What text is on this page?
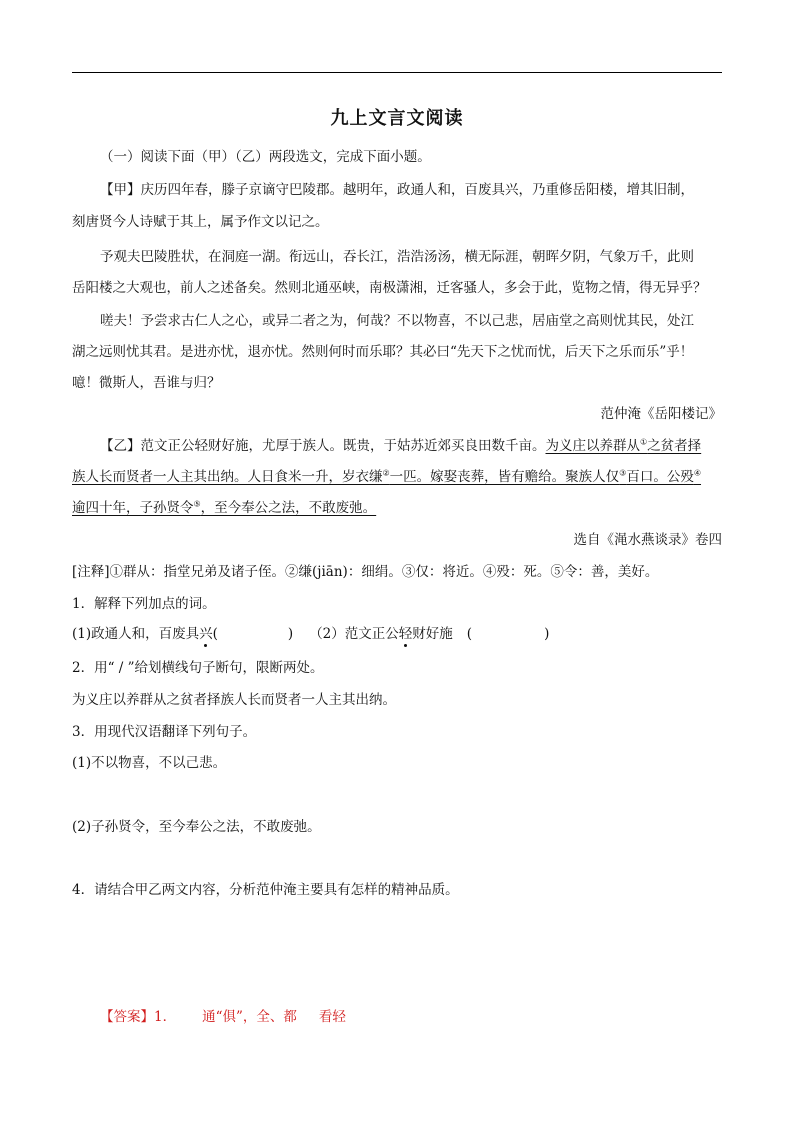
九上文言文阅读
（一）阅读下面（甲）（乙）两段选文，完成下面小题。
【甲】庆历四年春，滕子京谪守巴陵郡。越明年，政通人和，百废具兴，乃重修岳阳楼，增其旧制，
刻唐贤今人诗赋于其上，属予作文以记之。
予观夫巴陵胜状，在洞庭一湖。衔远山，吞长江，浩浩汤汤，横无际涯，朝晖夕阴，气象万千，此则
岳阳楼之大观也，前人之述备矣。然则北通巫峡，南极潇湘，迁客骚人，多会于此，览物之情，得无异乎？
嗟夫！予尝求古仁人之心，或异二者之为，何哉？不以物喜，不以己悲，居庙堂之高则忧其民，处江
湖之远则忧其君。是进亦忧，退亦忧。然则何时而乐耶？其必曰“先天下之忧而忧，后天下之乐而乐”乎！
噫！微斯人，吾谁与归？
范仲淹《岳阳楼记》
【乙】范文正公轻财好施，尤厚于族人。既贵，于姑苏近郊买良田数千亩。为义庄以养群从①之贫者择
族人长而贤者一人主其出纳。人日食米一升，岁衣缣②一匹。嫁娶丧葬，皆有赡给。聚族人仅③百口。公殁④
逾四十年，子孙贤令⑤，至今奉公之法，不敢废弛。
选自《渑水燕谈录》卷四
[注释]①群从：指堂兄弟及诸子侄。②缣(jiān)：细绢。③仅：将近。④殁：死。⑤令：善，美好。
1．解释下列加点的词。
(1)政通人和，百废具兴(	) （2）范文正公轻财好施 (	)
2．用“ / ”给划横线句子断句，限断两处。
为义庄以养群从之贫者择族人长而贤者一人主其出纳。
3．用现代汉语翻译下列句子。
(1)不以物喜，不以己悲。
(2)子孙贤令，至今奉公之法，不敢废弛。
4．请结合甲乙两文内容，分析范仲淹主要具有怎样的精神品质。
【答案】1． 通“俱”，全、都 看轻
